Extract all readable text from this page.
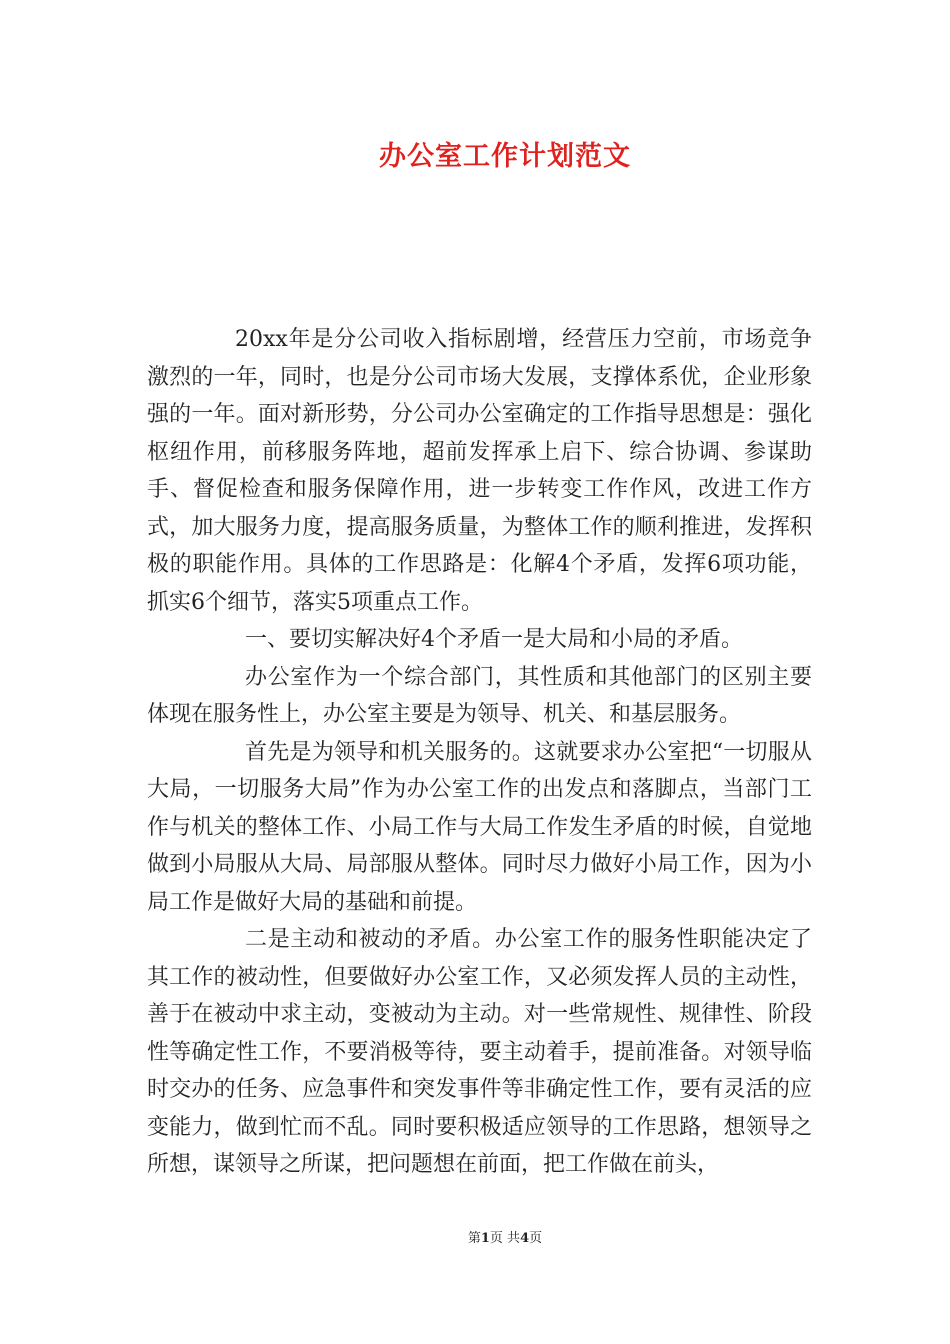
办公室工作计划范文

20xx年是分公司收入指标剧增，经营压力空前，市场竞争激烈的一年，同时，也是分公司市场大发展，支撑体系优，企业形象强的一年。面对新形势，分公司办公室确定的工作指导思想是：强化枢纽作用，前移服务阵地，超前发挥承上启下、综合协调、参谋助手、督促检查和服务保障作用，进一步转变工作作风，改进工作方式，加大服务力度，提高服务质量，为整体工作的顺利推进，发挥积极的职能作用。具体的工作思路是：化解4个矛盾，发挥6项功能，抓实6个细节，落实5项重点工作。

一、要切实解决好4个矛盾一是大局和小局的矛盾。

办公室作为一个综合部门，其性质和其他部门的区别主要体现在服务性上，办公室主要是为领导、机关、和基层服务。

首先是为领导和机关服务的。这就要求办公室把“一切服从大局，一切服务大局”作为办公室工作的出发点和落脚点，当部门工作与机关的整体工作、小局工作与大局工作发生矛盾的时候，自觉地做到小局服从大局、局部服从整体。同时尽力做好小局工作，因为小局工作是做好大局的基础和前提。

二是主动和被动的矛盾。办公室工作的服务性职能决定了其工作的被动性，但要做好办公室工作，又必须发挥人员的主动性，善于在被动中求主动，变被动为主动。对一些常规性、规律性、阶段性等确定性工作，不要消极等待，要主动着手，提前准备。对领导临时交办的任务、应急事件和突发事件等非确定性工作，要有灵活的应变能力，做到忙而不乱。同时要积极适应领导的工作思路，想领导之所想，谋领导之所谋，把问题想在前面，把工作做在前头，

第1页 共4页
